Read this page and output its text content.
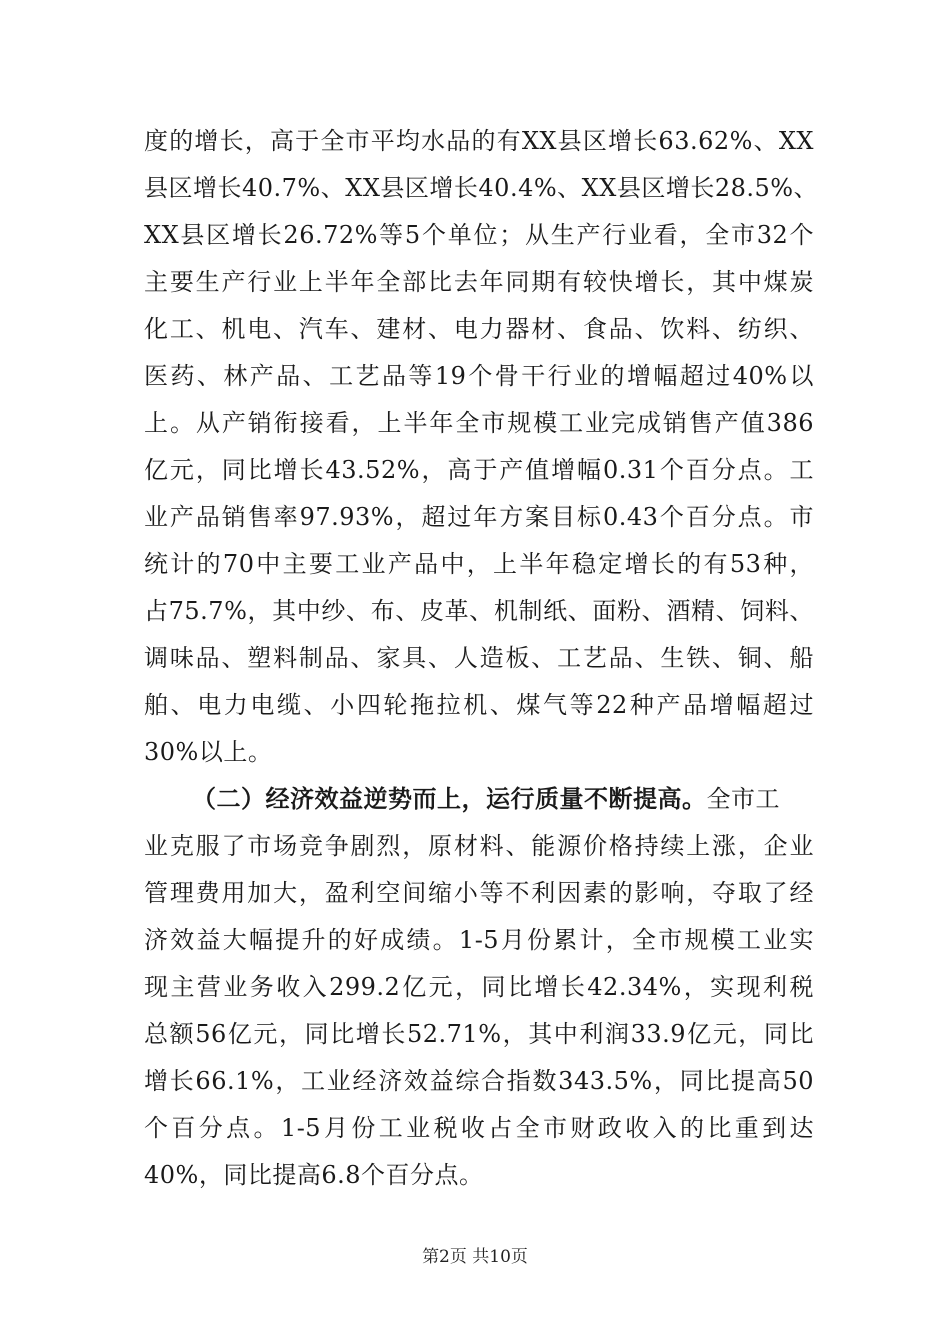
度的增长，高于全市平均水品的有XX县区增长63.62%、XX
县区增长40.7%、XX县区增长40.4%、XX县区增长28.5%、
XX县区增长26.72%等5个单位；从生产行业看，全市32个
主要生产行业上半年全部比去年同期有较快增长，其中煤炭
化工、机电、汽车、建材、电力器材、食品、饮料、纺织、
医药、林产品、工艺品等19个骨干行业的增幅超过40%以
上。从产销衔接看，上半年全市规模工业完成销售产值386
亿元，同比增长43.52%，高于产值增幅0.31个百分点。工
业产品销售率97.93%，超过年方案目标0.43个百分点。市
统计的70中主要工业产品中，上半年稳定增长的有53种，
占75.7%，其中纱、布、皮革、机制纸、面粉、酒精、饲料、
调味品、塑料制品、家具、人造板、工艺品、生铁、铜、船
舶、电力电缆、小四轮拖拉机、煤气等22种产品增幅超过
30%以上。
（二）经济效益逆势而上，运行质量不断提高。全市工
业克服了市场竞争剧烈，原材料、能源价格持续上涨，企业
管理费用加大，盈利空间缩小等不利因素的影响，夺取了经
济效益大幅提升的好成绩。1-5月份累计，全市规模工业实
现主营业务收入299.2亿元，同比增长42.34%，实现利税
总额56亿元，同比增长52.71%，其中利润33.9亿元，同比
增长66.1%，工业经济效益综合指数343.5%，同比提高50
个百分点。1-5月份工业税收占全市财政收入的比重到达
40%，同比提高6.8个百分点。
第2页 共10页
